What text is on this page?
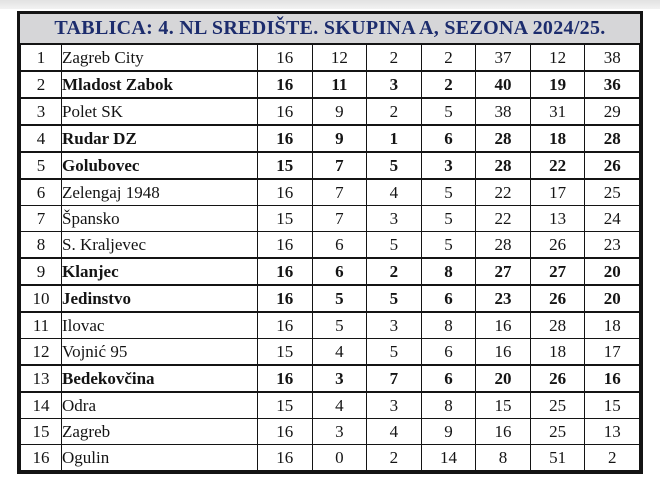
TABLICA: 4. NL SREDIŠTE. SKUPINA A, SEZONA 2024/25.
1	Zagreb City	16	12	2	2	37	12	38
2	Mladost Zabok	16	11	3	2	40	19	36
3	Polet SK	16	9	2	5	38	31	29
4	Rudar DZ	16	9	1	6	28	18	28
5	Golubovec	15	7	5	3	28	22	26
6	Zelengaj 1948	16	7	4	5	22	17	25
7	Špansko	15	7	3	5	22	13	24
8	S. Kraljevec	16	6	5	5	28	26	23
9	Klanjec	16	6	2	8	27	27	20
10	Jedinstvo	16	5	5	6	23	26	20
11	Ilovac	16	5	3	8	16	28	18
12	Vojnić 95	15	4	5	6	16	18	17
13	Bedekovčina	16	3	7	6	20	26	16
14	Odra	15	4	3	8	15	25	15
15	Zagreb	16	3	4	9	16	25	13
16	Ogulin	16	0	2	14	8	51	2
